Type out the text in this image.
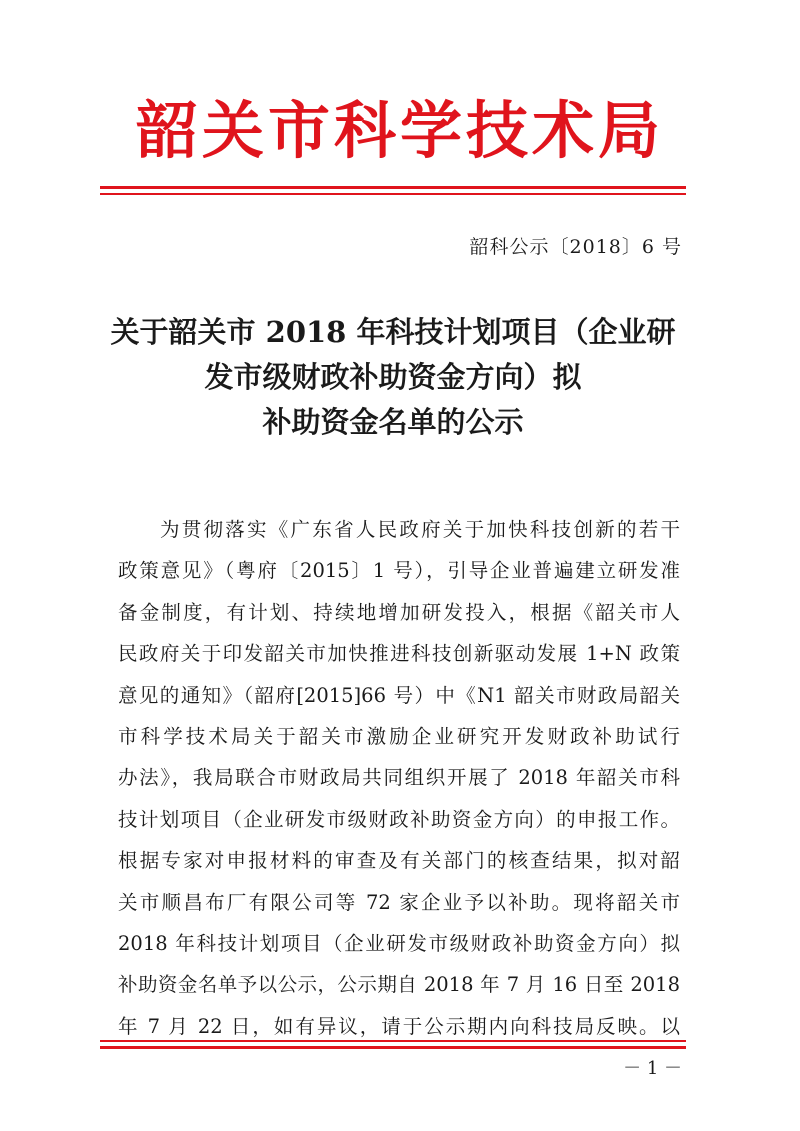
韶关市科学技术局
韶科公示〔2018〕6 号
关于韶关市 2018 年科技计划项目（企业研
发市级财政补助资金方向）拟
补助资金名单的公示
为贯彻落实《广东省人民政府关于加快科技创新的若干
政策意见》（粤府〔2015〕1 号），引导企业普遍建立研发准
备金制度，有计划、持续地增加研发投入，根据《韶关市人
民政府关于印发韶关市加快推进科技创新驱动发展 1+N 政策
意见的通知》（韶府[2015]66 号）中《N1 韶关市财政局韶关
市科学技术局关于韶关市激励企业研究开发财政补助试行
办法》，我局联合市财政局共同组织开展了 2018 年韶关市科
技计划项目（企业研发市级财政补助资金方向）的申报工作。
根据专家对申报材料的审查及有关部门的核查结果，拟对韶
关市顺昌布厂有限公司等 72 家企业予以补助。现将韶关市
2018 年科技计划项目（企业研发市级财政补助资金方向）拟
补助资金名单予以公示，公示期自 2018 年 7 月 16 日至 2018
年 7 月 22 日，如有异议，请于公示期内向科技局反映。以
－ 1 －
